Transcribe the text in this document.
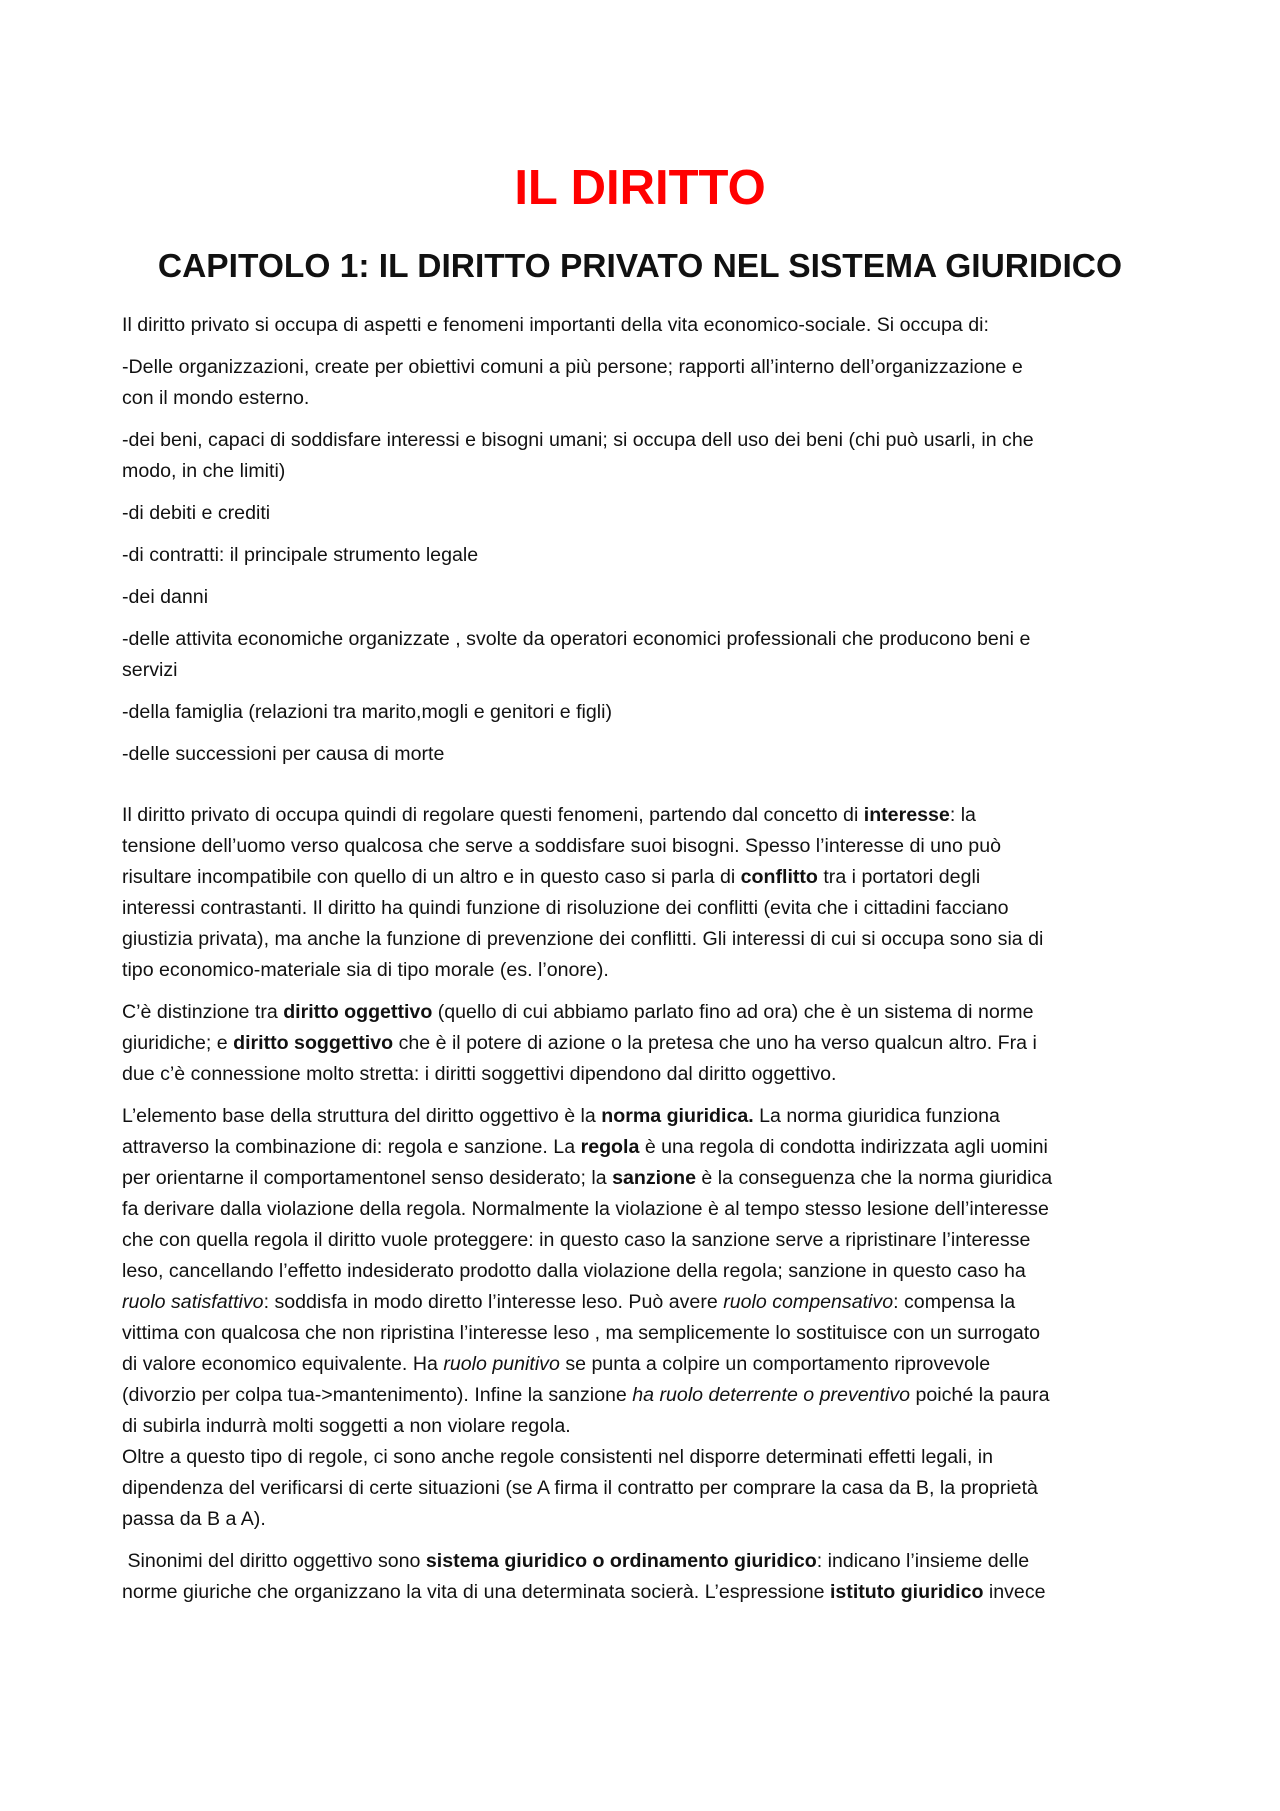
IL DIRITTO
CAPITOLO 1: IL DIRITTO PRIVATO NEL SISTEMA GIURIDICO

Il diritto privato si occupa di aspetti e fenomeni importanti della vita economico-sociale. Si occupa di:

-Delle organizzazioni, create per obiettivi comuni a più persone; rapporti all’interno dell’organizzazione e
con il mondo esterno.

-dei beni, capaci di soddisfare interessi e bisogni umani; si occupa dell uso dei beni (chi può usarli, in che
modo, in che limiti)

-di debiti e crediti

-di contratti: il principale strumento legale

-dei danni

-delle attivita economiche organizzate , svolte da operatori economici professionali che producono beni e
servizi

-della famiglia (relazioni tra marito,mogli e genitori e figli)

-delle successioni per causa di morte

Il diritto privato di occupa quindi di regolare questi fenomeni, partendo dal concetto di interesse: la
tensione dell’uomo verso qualcosa che serve a soddisfare suoi bisogni. Spesso l’interesse di uno può
risultare incompatibile con quello di un altro e in questo caso si parla di conflitto tra i portatori degli
interessi contrastanti. Il diritto ha quindi funzione di risoluzione dei conflitti (evita che i cittadini facciano
giustizia privata), ma anche la funzione di prevenzione dei conflitti. Gli interessi di cui si occupa sono sia di
tipo economico-materiale sia di tipo morale (es. l’onore).

C’è distinzione tra diritto oggettivo (quello di cui abbiamo parlato fino ad ora) che è un sistema di norme
giuridiche; e diritto soggettivo che è il potere di azione o la pretesa che uno ha verso qualcun altro. Fra i
due c’è connessione molto stretta: i diritti soggettivi dipendono dal diritto oggettivo.

L’elemento base della struttura del diritto oggettivo è la norma giuridica. La norma giuridica funziona
attraverso la combinazione di: regola e sanzione. La regola è una regola di condotta indirizzata agli uomini
per orientarne il comportamentonel senso desiderato; la sanzione è la conseguenza che la norma giuridica
fa derivare dalla violazione della regola. Normalmente la violazione è al tempo stesso lesione dell’interesse
che con quella regola il diritto vuole proteggere: in questo caso la sanzione serve a ripristinare l’interesse
leso, cancellando l’effetto indesiderato prodotto dalla violazione della regola; sanzione in questo caso ha
ruolo satisfattivo: soddisfa in modo diretto l’interesse leso. Può avere ruolo compensativo: compensa la
vittima con qualcosa che non ripristina l’interesse leso , ma semplicemente lo sostituisce con un surrogato
di valore economico equivalente. Ha ruolo punitivo se punta a colpire un comportamento riprovevole
(divorzio per colpa tua->mantenimento). Infine la sanzione ha ruolo deterrente o preventivo poiché la paura
di subirla indurrà molti soggetti a non violare regola.
Oltre a questo tipo di regole, ci sono anche regole consistenti nel disporre determinati effetti legali, in
dipendenza del verificarsi di certe situazioni (se A firma il contratto per comprare la casa da B, la proprietà
passa da B a A).

Sinonimi del diritto oggettivo sono sistema giuridico o ordinamento giuridico: indicano l’insieme delle
norme giuriche che organizzano la vita di una determinata socierà. L’espressione istituto giuridico invece
